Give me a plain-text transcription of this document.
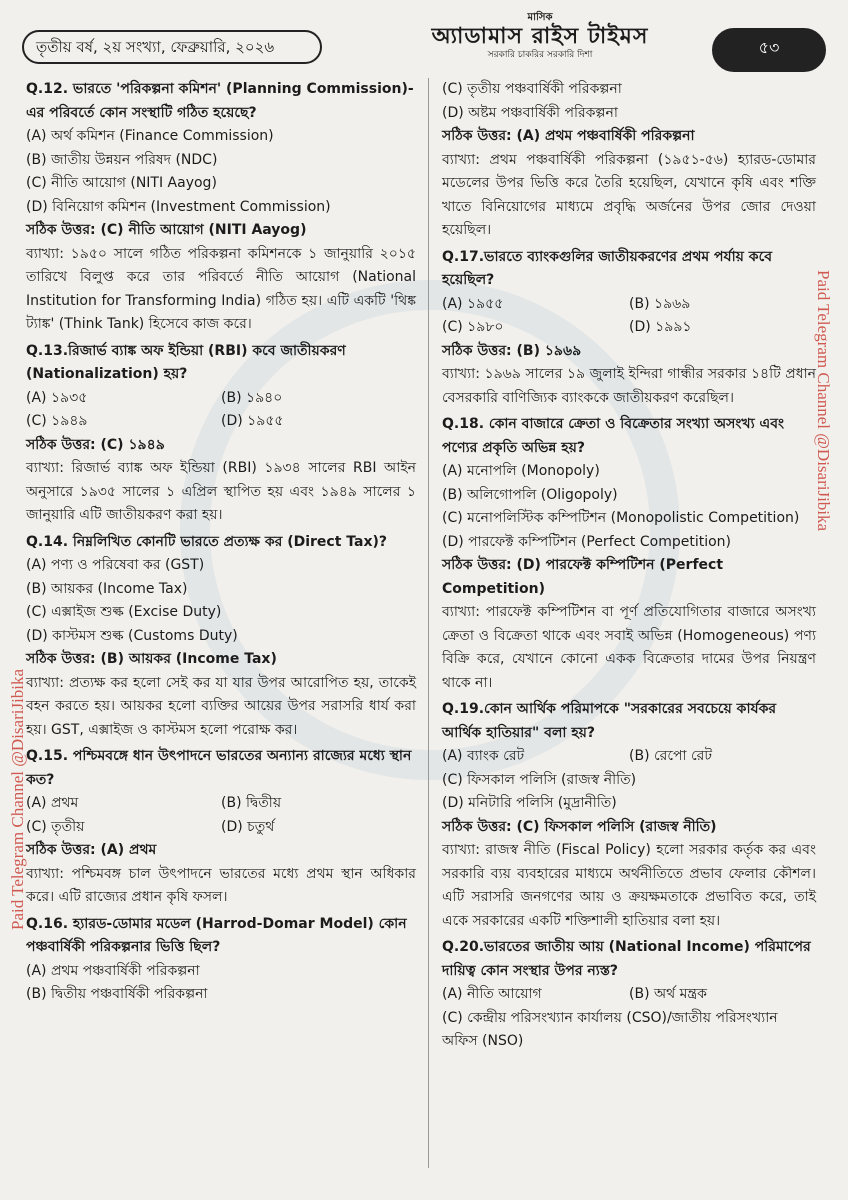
তৃতীয় বর্ষ, ২য় সংখ্যা, ফেব্রুয়ারি, ২০২৬
মাসিক
অ্যাডামাস রাইস টাইমস
সরকারি চাকরির সরকারি দিশা	৫৩

Q.12. ভারতে 'পরিকল্পনা কমিশন' (Planning Commission)-এর পরিবর্তে কোন সংস্থাটি গঠিত হয়েছে?

(A) অর্থ কমিশন (Finance Commission)

(B) জাতীয় উন্নয়ন পরিষদ (NDC)

(C) নীতি আয়োগ (NITI Aayog)

(D) বিনিয়োগ কমিশন (Investment Commission)

সঠিক উত্তর: (C) নীতি আয়োগ (NITI Aayog)

ব্যাখ্যা: ১৯৫০ সালে গঠিত পরিকল্পনা কমিশনকে ১ জানুয়ারি ২০১৫ তারিখে বিলুপ্ত করে তার পরিবর্তে নীতি আয়োগ (National Institution for Transforming India) গঠিত হয়। এটি একটি 'থিঙ্ক ট্যাঙ্ক' (Think Tank) হিসেবে কাজ করে।

Q.13.রিজার্ভ ব্যাঙ্ক অফ ইন্ডিয়া (RBI) কবে জাতীয়করণ (Nationalization) হয়?

(A) ১৯৩৫	(B) ১৯৪০

(C) ১৯৪৯	(D) ১৯৫৫

সঠিক উত্তর: (C) ১৯৪৯

ব্যাখ্যা: রিজার্ভ ব্যাঙ্ক অফ ইন্ডিয়া (RBI) ১৯৩৪ সালের RBI আইন অনুসারে ১৯৩৫ সালের ১ এপ্রিল স্থাপিত হয় এবং ১৯৪৯ সালের ১ জানুয়ারি এটি জাতীয়করণ করা হয়।

Q.14. নিম্নলিখিত কোনটি ভারতে প্রত্যক্ষ কর (Direct Tax)?

(A) পণ্য ও পরিষেবা কর (GST)

(B) আয়কর (Income Tax)

(C) এক্সাইজ শুল্ক (Excise Duty)

(D) কাস্টমস শুল্ক (Customs Duty)

সঠিক উত্তর: (B) আয়কর (Income Tax)

ব্যাখ্যা: প্রত্যক্ষ কর হলো সেই কর যা যার উপর আরোপিত হয়, তাকেই বহন করতে হয়। আয়কর হলো ব্যক্তির আয়ের উপর সরাসরি ধার্য করা হয়। GST, এক্সাইজ ও কাস্টমস হলো পরোক্ষ কর।

Q.15. পশ্চিমবঙ্গে ধান উৎপাদনে ভারতের অন্যান্য রাজ্যের মধ্যে স্থান কত?

(A) প্রথম	(B) দ্বিতীয়

(C) তৃতীয়	(D) চতুর্থ

সঠিক উত্তর: (A) প্রথম

ব্যাখ্যা: পশ্চিমবঙ্গ চাল উৎপাদনে ভারতের মধ্যে প্রথম স্থান অধিকার করে। এটি রাজ্যের প্রধান কৃষি ফসল।

Q.16. হ্যারড-ডোমার মডেল (Harrod-Domar Model) কোন পঞ্চবার্ষিকী পরিকল্পনার ভিত্তি ছিল?

(A) প্রথম পঞ্চবার্ষিকী পরিকল্পনা

(B) দ্বিতীয় পঞ্চবার্ষিকী পরিকল্পনা

(C) তৃতীয় পঞ্চবার্ষিকী পরিকল্পনা

(D) অষ্টম পঞ্চবার্ষিকী পরিকল্পনা

সঠিক উত্তর: (A) প্রথম পঞ্চবার্ষিকী পরিকল্পনা

ব্যাখ্যা: প্রথম পঞ্চবার্ষিকী পরিকল্পনা (১৯৫১-৫৬) হ্যারড-ডোমার মডেলের উপর ভিত্তি করে তৈরি হয়েছিল, যেখানে কৃষি এবং শক্তি খাতে বিনিয়োগের মাধ্যমে প্রবৃদ্ধি অর্জনের উপর জোর দেওয়া হয়েছিল।

Q.17.ভারতে ব্যাংকগুলির জাতীয়করণের প্রথম পর্যায় কবে হয়েছিল?

(A) ১৯৫৫	(B) ১৯৬৯

(C) ১৯৮০	(D) ১৯৯১

সঠিক উত্তর: (B) ১৯৬৯

ব্যাখ্যা: ১৯৬৯ সালের ১৯ জুলাই ইন্দিরা গান্ধীর সরকার ১৪টি প্রধান বেসরকারি বাণিজ্যিক ব্যাংককে জাতীয়করণ করেছিল।

Q.18. কোন বাজারে ক্রেতা ও বিক্রেতার সংখ্যা অসংখ্য এবং পণ্যের প্রকৃতি অভিন্ন হয়?

(A) মনোপলি (Monopoly)

(B) অলিগোপলি (Oligopoly)

(C) মনোপলিস্টিক কম্পিটিশন (Monopolistic Competition)

(D) পারফেক্ট কম্পিটিশন (Perfect Competition)

সঠিক উত্তর: (D) পারফেক্ট কম্পিটিশন (Perfect Competition)

ব্যাখ্যা: পারফেক্ট কম্পিটিশন বা পূর্ণ প্রতিযোগিতার বাজারে অসংখ্য ক্রেতা ও বিক্রেতা থাকে এবং সবাই অভিন্ন (Homogeneous) পণ্য বিক্রি করে, যেখানে কোনো একক বিক্রেতার দামের উপর নিয়ন্ত্রণ থাকে না।

Q.19.কোন আর্থিক পরিমাপকে "সরকারের সবচেয়ে কার্যকর আর্থিক হাতিয়ার" বলা হয়?

(A) ব্যাংক রেট	(B) রেপো রেট

(C) ফিসকাল পলিসি (রাজস্ব নীতি)

(D) মনিটারি পলিসি (মুদ্রানীতি)

সঠিক উত্তর: (C) ফিসকাল পলিসি (রাজস্ব নীতি)

ব্যাখ্যা: রাজস্ব নীতি (Fiscal Policy) হলো সরকার কর্তৃক কর এবং সরকারি ব্যয় ব্যবহারের মাধ্যমে অর্থনীতিতে প্রভাব ফেলার কৌশল। এটি সরাসরি জনগণের আয় ও ক্রয়ক্ষমতাকে প্রভাবিত করে, তাই একে সরকারের একটি শক্তিশালী হাতিয়ার বলা হয়।

Q.20.ভারতের জাতীয় আয় (National Income) পরিমাপের দায়িত্ব কোন সংস্থার উপর ন্যস্ত?

(A) নীতি আয়োগ	(B) অর্থ মন্ত্রক

(C) কেন্দ্রীয় পরিসংখ্যান কার্যালয় (CSO)/জাতীয় পরিসংখ্যান অফিস (NSO)

Paid Telegram Channel @DisariJibika
Paid Telegram Channel @DisariJibika
